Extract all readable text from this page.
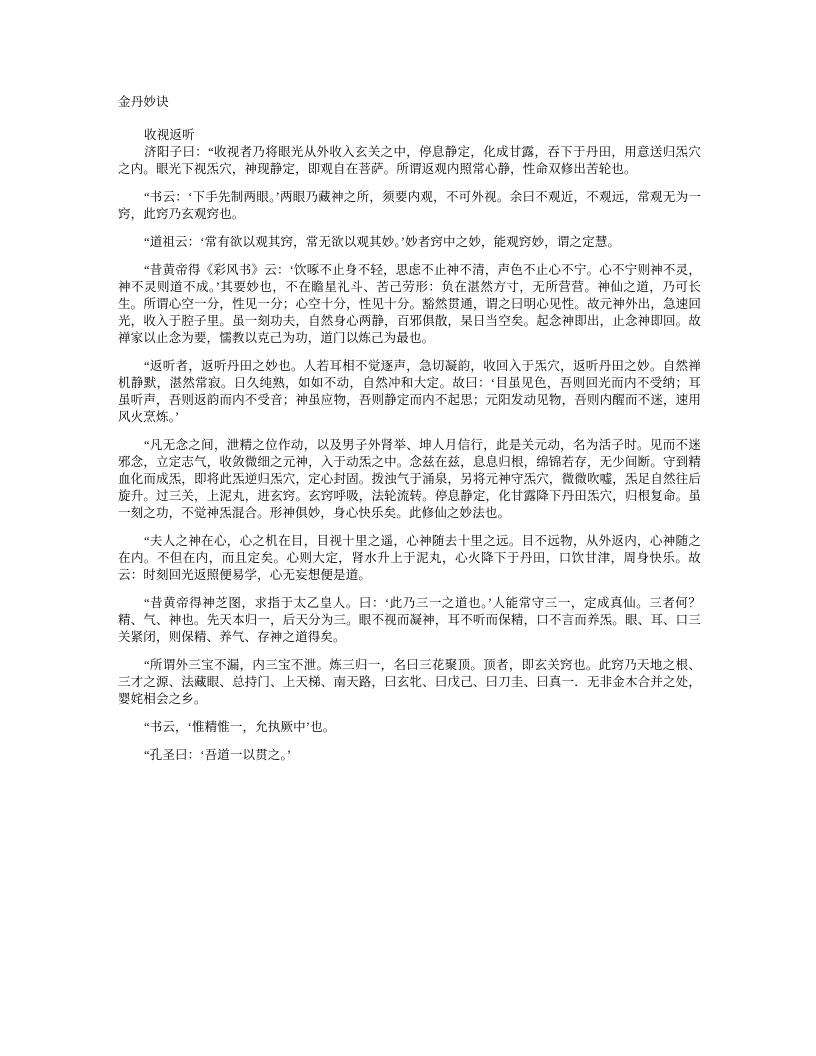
金丹妙诀
收视返听
济阳子曰：“收视者乃将眼光从外收入玄关之中，停息静定，化成甘露，吞下于丹田，用意送归炁穴之内。眼光下视炁穴，神现静定，即观自在菩萨。所谓返观内照常心静，性命双修出苦轮也。
“书云：‘下手先制两眼。’两眼乃藏神之所，须要内观，不可外视。余曰不观近，不观远，常观无为一窍，此窍乃玄观窍也。
“道祖云：‘常有欲以观其窍，常无欲以观其妙。’妙者窍中之妙，能观窍妙，谓之定慧。
“昔黄帝得《彩风书》云：‘饮啄不止身不轻，思虑不止神不清，声色不止心不宁。心不宁则神不灵，神不灵则道不成。’其要妙也，不在瞻星礼斗、苦己劳形：负在湛然方寸，无所营营。神仙之道，乃可长生。所谓心空一分，性见一分；心空十分，性见十分。豁然贯通，谓之曰明心见性。故元神外出，急速回光，收入于腔子里。虽一刻功夫，自然身心两静，百邪俱散，杲日当空矣。起念神即出，止念神即回。故禅家以止念为要，懦教以克己为功，道门以炼己为最也。
“返听者，返听丹田之妙也。人若耳相不觉逐声，急切凝韵，收回入于炁穴，返听丹田之妙。自然禅机静默，湛然常寂。日久纯熟，如如不动，自然冲和大定。故曰：‘目虽见色，吾则回光而内不受纳；耳虽听声，吾则返韵而内不受音；神虽应物，吾则静定而内不起思；元阳发动见物，吾则内醒而不迷，速用风火烹炼。’
“凡无念之间，泄精之位作动，以及男子外肾举、坤人月信行，此是关元动，名为活子时。见而不迷邪念，立定志气，收敛微细之元神，入于动炁之中。念兹在兹，息息归根，绵锦若存，无少间断。守到精血化而成炁，即将此炁逆归炁穴，定心封固。拨浊气于涌泉，另将元神守炁穴，微微吹嘘，炁足自然往后旋升。过三关，上泥丸，进玄窍。玄窍呼吸，法轮流转。停息静定，化甘露降下丹田炁穴，归根复命。虽一刻之功，不觉神炁混合。形神俱妙，身心快乐矣。此修仙之妙法也。
“夫人之神在心，心之机在目，目视十里之遥，心神随去十里之远。目不远物，从外返内，心神随之在内。不但在内，而且定矣。心则大定，肾水升上于泥丸，心火降下于丹田，口饮甘津，周身快乐。故云：时刻回光返照便易学，心无妄想便是道。
“昔黄帝得神芝图，求指于太乙皇人。曰：‘此乃三一之道也。’人能常守三一，定成真仙。三者何？精、气、神也。先天本归一，后天分为三。眼不视而凝神，耳不听而保精，口不言而养炁。眼、耳、口三关紧闭，则保精、养气、存神之道得矣。
“所谓外三宝不漏，内三宝不泄。炼三归一，名曰三花聚顶。顶者，即玄关窍也。此窍乃天地之根、三才之源、法藏眼、总持门、上天梯、南天路，曰玄牝、曰戊己、曰刀圭、曰真一．无非金木合并之处，婴姹相会之乡。
“书云，‘惟精惟一，允执厥中’也。
“孔圣曰：‘吾道一以贯之。’
